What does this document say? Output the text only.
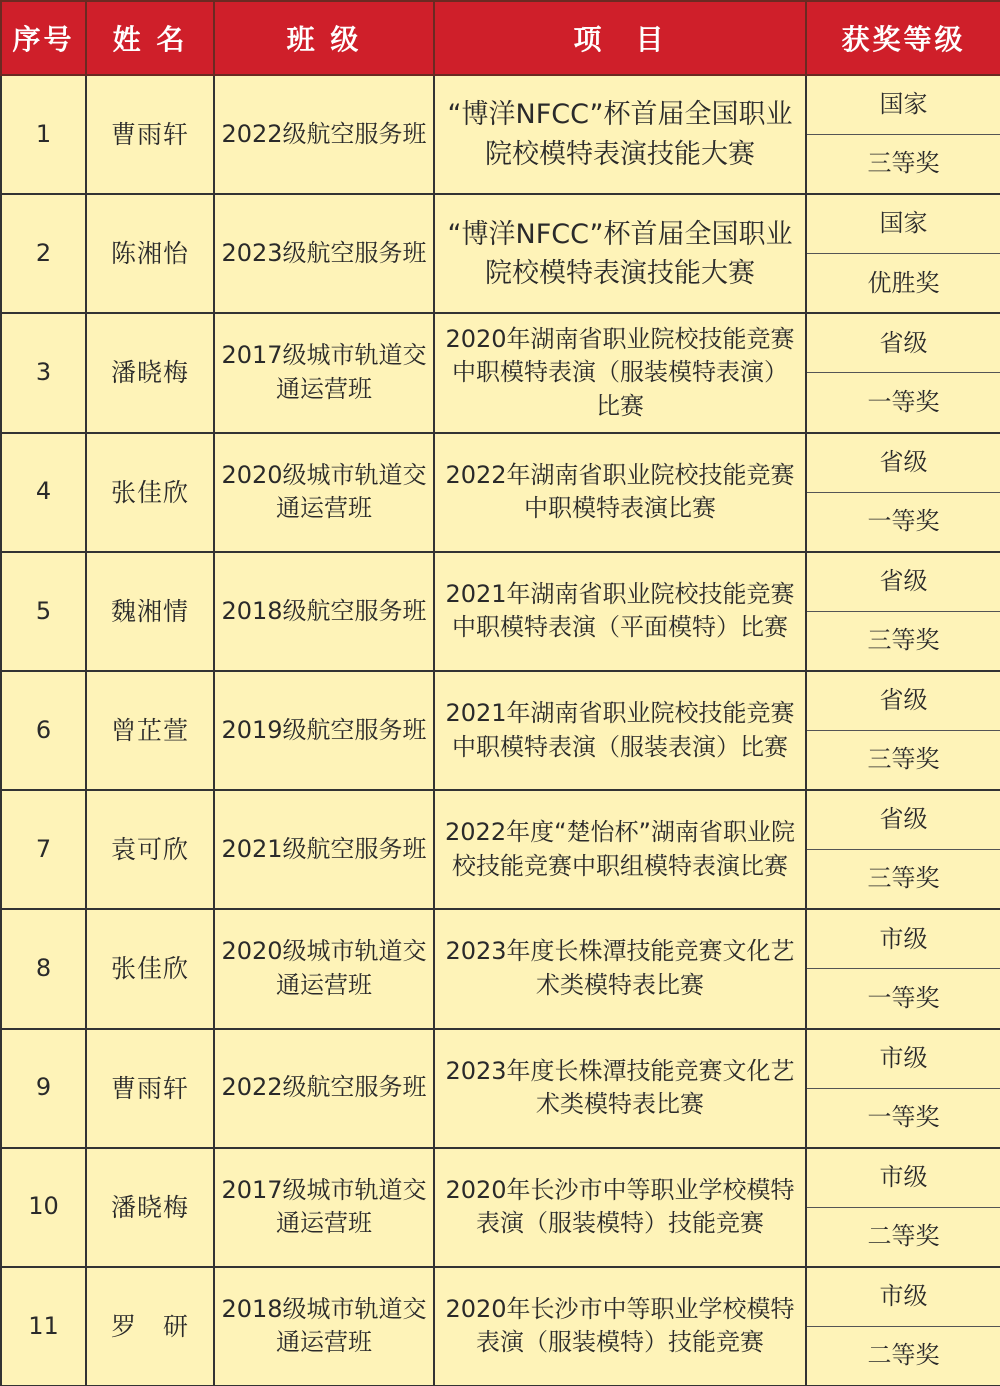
序号	姓 名	班 级	项　目	获奖等级
1	曹雨轩	2022级航空服务班	“博洋NFCC”杯首届全国职业院校模特表演技能大赛	国家
				三等奖
2	陈湘怡	2023级航空服务班	“博洋NFCC”杯首届全国职业院校模特表演技能大赛	国家
				优胜奖
3	潘晓梅	2017级城市轨道交通运营班	2020年湖南省职业院校技能竞赛中职模特表演（服装模特表演）比赛	省级
				一等奖
4	张佳欣	2020级城市轨道交通运营班	2022年湖南省职业院校技能竞赛中职模特表演比赛	省级
				一等奖
5	魏湘情	2018级航空服务班	2021年湖南省职业院校技能竞赛中职模特表演（平面模特）比赛	省级
				三等奖
6	曾芷萱	2019级航空服务班	2021年湖南省职业院校技能竞赛中职模特表演（服装表演）比赛	省级
				三等奖
7	袁可欣	2021级航空服务班	2022年度“楚怡杯”湖南省职业院校技能竞赛中职组模特表演比赛	省级
				三等奖
8	张佳欣	2020级城市轨道交通运营班	2023年度长株潭技能竞赛文化艺术类模特表比赛	市级
				一等奖
9	曹雨轩	2022级航空服务班	2023年度长株潭技能竞赛文化艺术类模特表比赛	市级
				一等奖
10	潘晓梅	2017级城市轨道交通运营班	2020年长沙市中等职业学校模特表演（服装模特）技能竞赛	市级
				二等奖
11	罗　研	2018级城市轨道交通运营班	2020年长沙市中等职业学校模特表演（服装模特）技能竞赛	市级
				二等奖
